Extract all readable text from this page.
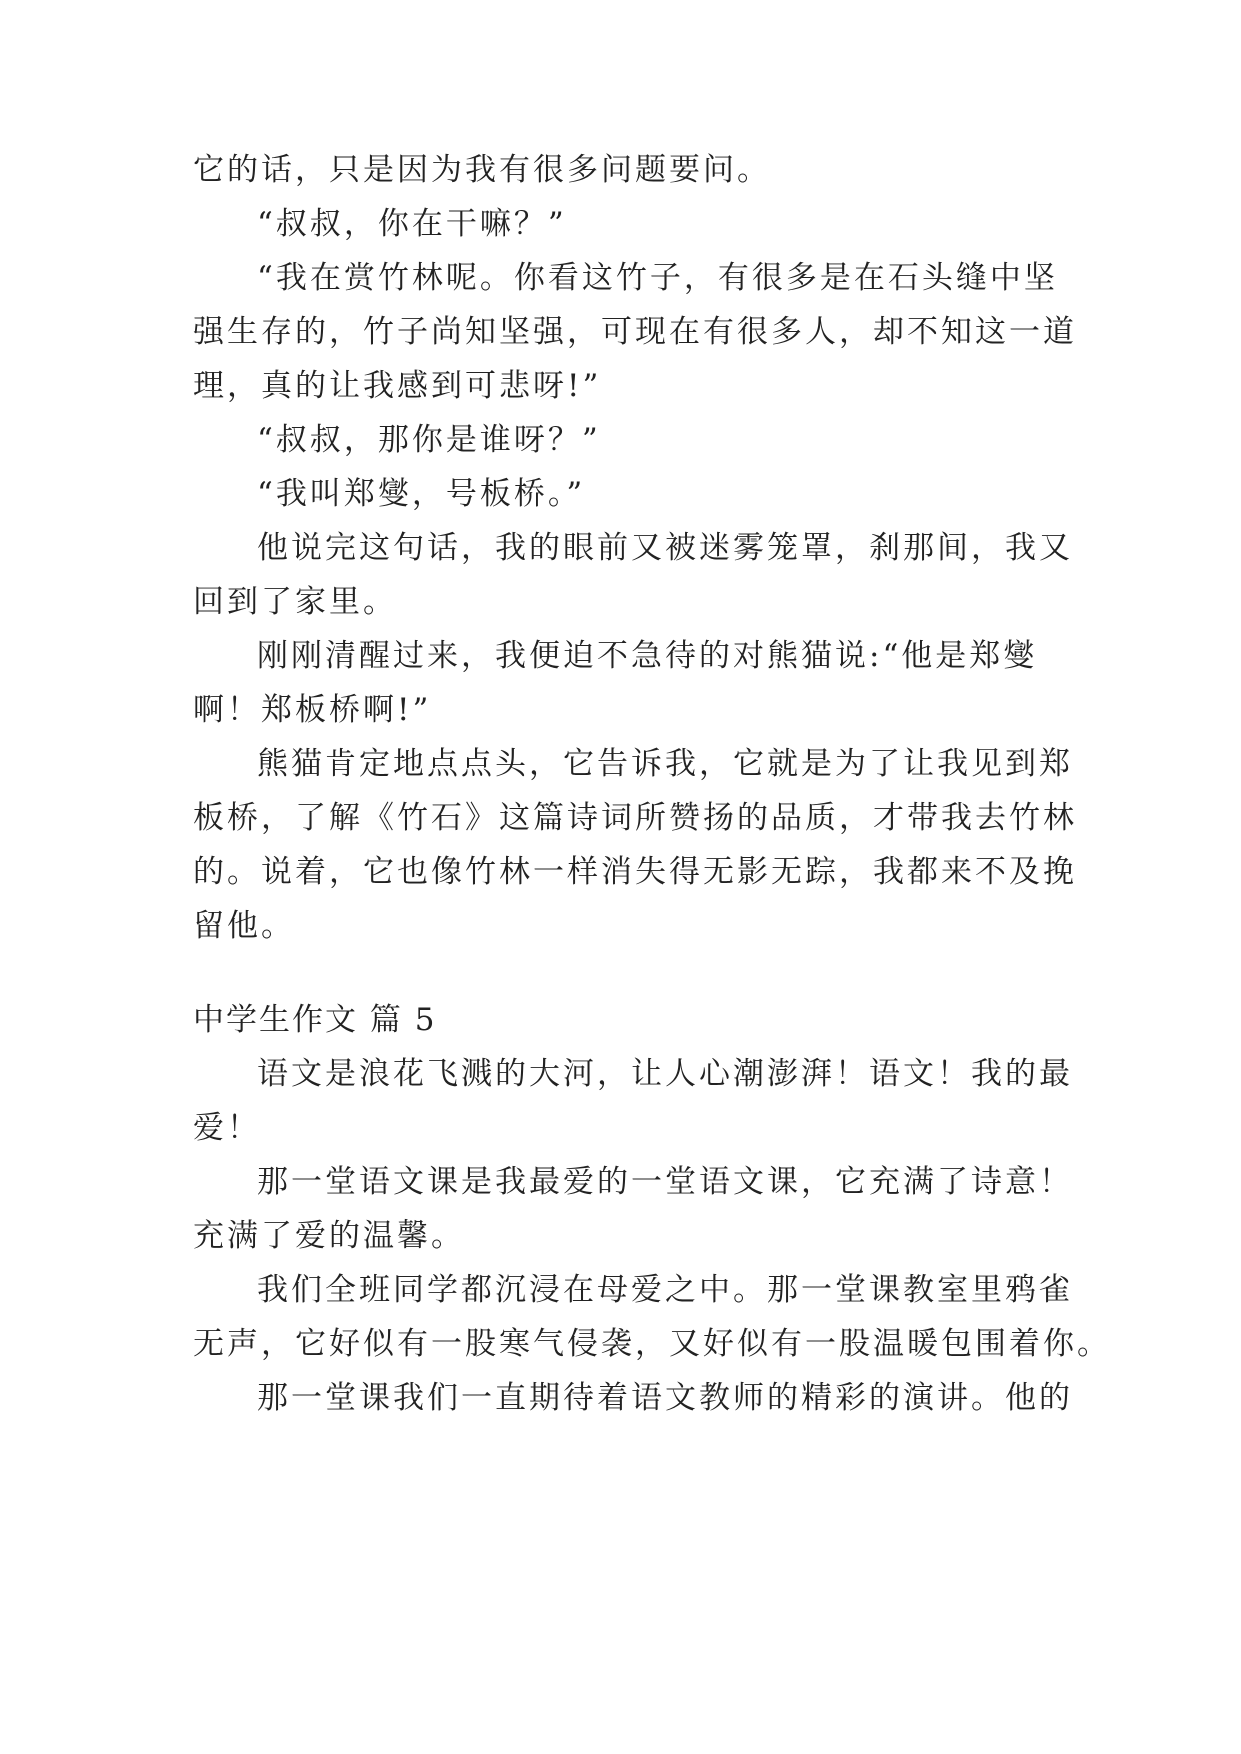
它的话，只是因为我有很多问题要问。
“叔叔，你在干嘛？”
“我在赏竹林呢。你看这竹子，有很多是在石头缝中坚
强生存的，竹子尚知坚强，可现在有很多人，却不知这一道
理，真的让我感到可悲呀!”
“叔叔，那你是谁呀？”
“我叫郑燮，号板桥。”
他说完这句话，我的眼前又被迷雾笼罩，刹那间，我又
回到了家里。
刚刚清醒过来，我便迫不急待的对熊猫说:“他是郑燮
啊！郑板桥啊!”
熊猫肯定地点点头，它告诉我，它就是为了让我见到郑
板桥，了解《竹石》这篇诗词所赞扬的品质，才带我去竹林
的。说着，它也像竹林一样消失得无影无踪，我都来不及挽
留他。
中学生作文 篇 5
语文是浪花飞溅的大河，让人心潮澎湃！语文！我的最
爱！
那一堂语文课是我最爱的一堂语文课，它充满了诗意！
充满了爱的温馨。
我们全班同学都沉浸在母爱之中。那一堂课教室里鸦雀
无声，它好似有一股寒气侵袭，又好似有一股温暖包围着你。
那一堂课我们一直期待着语文教师的精彩的演讲。他的
